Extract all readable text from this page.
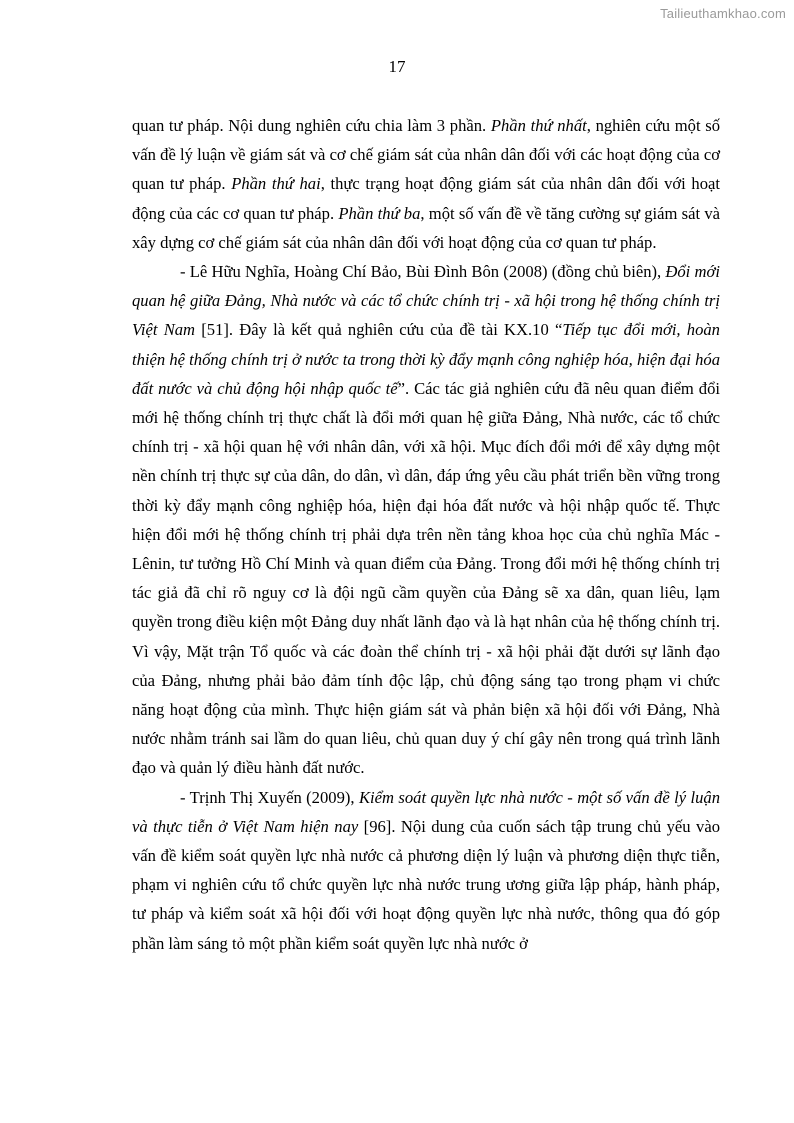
Tailieuthamkhao.com
17

quan tư pháp. Nội dung nghiên cứu chia làm 3 phần. Phần thứ nhất, nghiên cứu một số vấn đề lý luận về giám sát và cơ chế giám sát của nhân dân đối với các hoạt động của cơ quan tư pháp. Phần thứ hai, thực trạng hoạt động giám sát của nhân dân đối với hoạt động của các cơ quan tư pháp. Phần thứ ba, một số vấn đề về tăng cường sự giám sát và xây dựng cơ chế giám sát của nhân dân đối với hoạt động của cơ quan tư pháp.

- Lê Hữu Nghĩa, Hoàng Chí Bảo, Bùi Đình Bôn (2008) (đồng chủ biên), Đổi mới quan hệ giữa Đảng, Nhà nước và các tổ chức chính trị - xã hội trong hệ thống chính trị Việt Nam [51]. Đây là kết quả nghiên cứu của đề tài KX.10 “Tiếp tục đổi mới, hoàn thiện hệ thống chính trị ở nước ta trong thời kỳ đẩy mạnh công nghiệp hóa, hiện đại hóa đất nước và chủ động hội nhập quốc tế”. Các tác giả nghiên cứu đã nêu quan điểm đổi mới hệ thống chính trị thực chất là đổi mới quan hệ giữa Đảng, Nhà nước, các tổ chức chính trị - xã hội quan hệ với nhân dân, với xã hội. Mục đích đổi mới để xây dựng một nền chính trị thực sự của dân, do dân, vì dân, đáp ứng yêu cầu phát triển bền vững trong thời kỳ đẩy mạnh công nghiệp hóa, hiện đại hóa đất nước và hội nhập quốc tế. Thực hiện đổi mới hệ thống chính trị phải dựa trên nền tảng khoa học của chủ nghĩa Mác - Lênin, tư tưởng Hồ Chí Minh và quan điểm của Đảng. Trong đổi mới hệ thống chính trị tác giả đã chỉ rõ nguy cơ là đội ngũ cầm quyền của Đảng sẽ xa dân, quan liêu, lạm quyền trong điều kiện một Đảng duy nhất lãnh đạo và là hạt nhân của hệ thống chính trị. Vì vậy, Mặt trận Tổ quốc và các đoàn thể chính trị - xã hội phải đặt dưới sự lãnh đạo của Đảng, nhưng phải bảo đảm tính độc lập, chủ động sáng tạo trong phạm vi chức năng hoạt động của mình. Thực hiện giám sát và phản biện xã hội đối với Đảng, Nhà nước nhằm tránh sai lầm do quan liêu, chủ quan duy ý chí gây nên trong quá trình lãnh đạo và quản lý điều hành đất nước.

- Trịnh Thị Xuyến (2009), Kiểm soát quyền lực nhà nước - một số vấn đề lý luận và thực tiễn ở Việt Nam hiện nay [96]. Nội dung của cuốn sách tập trung chủ yếu vào vấn đề kiểm soát quyền lực nhà nước cả phương diện lý luận và phương diện thực tiễn, phạm vi nghiên cứu tổ chức quyền lực nhà nước trung ương giữa lập pháp, hành pháp, tư pháp và kiểm soát xã hội đối với hoạt động quyền lực nhà nước, thông qua đó góp phần làm sáng tỏ một phần kiểm soát quyền lực nhà nước ở
